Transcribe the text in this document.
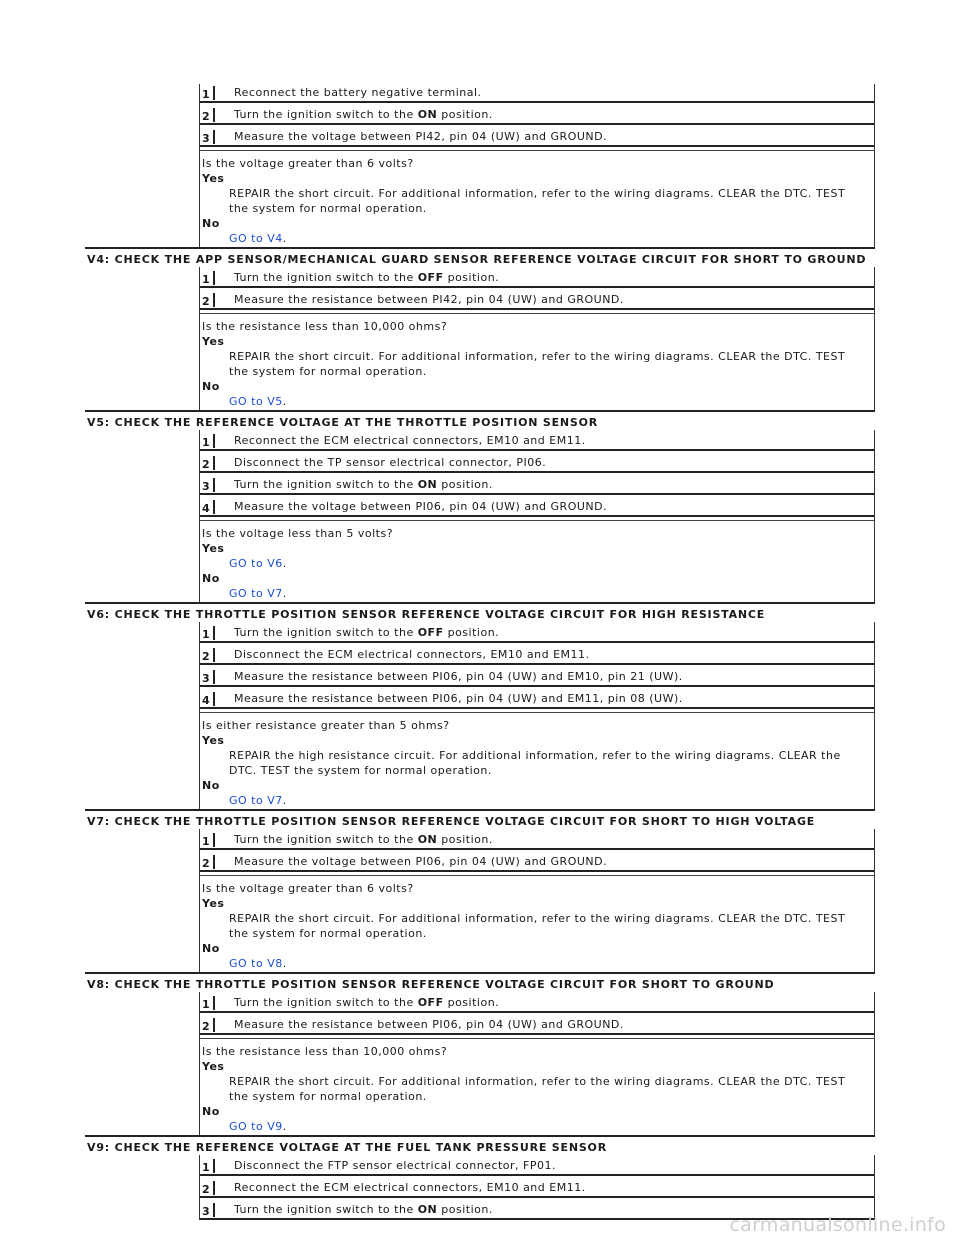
1	Reconnect the battery negative terminal.
2	Turn the ignition switch to the ON position.
3	Measure the voltage between PI42, pin 04 (UW) and GROUND.
Is the voltage greater than 6 volts?
Yes
REPAIR the short circuit. For additional information, refer to the wiring diagrams. CLEAR the DTC. TEST the system for normal operation.
No
GO to V4.
V4: CHECK THE APP SENSOR/MECHANICAL GUARD SENSOR REFERENCE VOLTAGE CIRCUIT FOR SHORT TO GROUND
1	Turn the ignition switch to the OFF position.
2	Measure the resistance between PI42, pin 04 (UW) and GROUND.
Is the resistance less than 10,000 ohms?
Yes
REPAIR the short circuit. For additional information, refer to the wiring diagrams. CLEAR the DTC. TEST the system for normal operation.
No
GO to V5.
V5: CHECK THE REFERENCE VOLTAGE AT THE THROTTLE POSITION SENSOR
1	Reconnect the ECM electrical connectors, EM10 and EM11.
2	Disconnect the TP sensor electrical connector, PI06.
3	Turn the ignition switch to the ON position.
4	Measure the voltage between PI06, pin 04 (UW) and GROUND.
Is the voltage less than 5 volts?
Yes
GO to V6.
No
GO to V7.
V6: CHECK THE THROTTLE POSITION SENSOR REFERENCE VOLTAGE CIRCUIT FOR HIGH RESISTANCE
1	Turn the ignition switch to the OFF position.
2	Disconnect the ECM electrical connectors, EM10 and EM11.
3	Measure the resistance between PI06, pin 04 (UW) and EM10, pin 21 (UW).
4	Measure the resistance between PI06, pin 04 (UW) and EM11, pin 08 (UW).
Is either resistance greater than 5 ohms?
Yes
REPAIR the high resistance circuit. For additional information, refer to the wiring diagrams. CLEAR the DTC. TEST the system for normal operation.
No
GO to V7.
V7: CHECK THE THROTTLE POSITION SENSOR REFERENCE VOLTAGE CIRCUIT FOR SHORT TO HIGH VOLTAGE
1	Turn the ignition switch to the ON position.
2	Measure the voltage between PI06, pin 04 (UW) and GROUND.
Is the voltage greater than 6 volts?
Yes
REPAIR the short circuit. For additional information, refer to the wiring diagrams. CLEAR the DTC. TEST the system for normal operation.
No
GO to V8.
V8: CHECK THE THROTTLE POSITION SENSOR REFERENCE VOLTAGE CIRCUIT FOR SHORT TO GROUND
1	Turn the ignition switch to the OFF position.
2	Measure the resistance between PI06, pin 04 (UW) and GROUND.
Is the resistance less than 10,000 ohms?
Yes
REPAIR the short circuit. For additional information, refer to the wiring diagrams. CLEAR the DTC. TEST the system for normal operation.
No
GO to V9.
V9: CHECK THE REFERENCE VOLTAGE AT THE FUEL TANK PRESSURE SENSOR
1	Disconnect the FTP sensor electrical connector, FP01.
2	Reconnect the ECM electrical connectors, EM10 and EM11.
3	Turn the ignition switch to the ON position.
carmanualsonline.info
